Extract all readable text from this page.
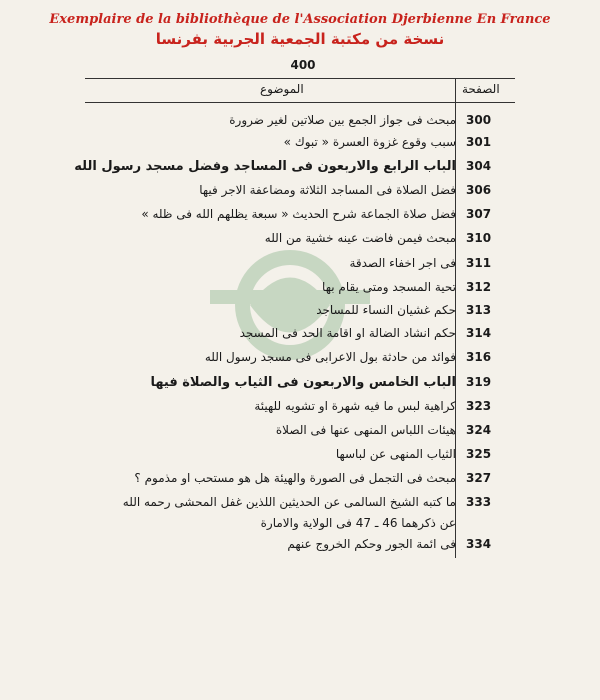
Exemplaire de la bibliothèque de l'Association Djerbienne En France
نسخة من مكتبة الجمعية الجربية بفرنسا
400
الموضوع	الصفحة
300
مبحث فى جواز الجمع بين صلاتين لغير ضرورة
301
سبب وقوع غزوة العسرة « تبوك »
304
الباب الرابع والاربعون فى المساجد وفضل مسجد رسول الله
306
فضل الصلاة فى المساجد الثلاثة ومضاعفة الاجر فيها
307
فضل صلاة الجماعة شرح الحديث « سبعة يظلهم الله فى ظله »
310
مبحث فيمن فاضت عينه خشية من الله
311
فى اجر اخفاء الصدقة
312
تحية المسجد ومتى يقام بها
313
حكم غشيان النساء للمساجد
314
حكم انشاد الضالة او اقامة الحد فى المسجد
316
فوائد من حادثة بول الاعرابى فى مسجد رسول الله
319
الباب الخامس والاربعون فى الثياب والصلاة فيها
323
كراهية لبس ما فيه شهرة او تشويه للهيئة
324
هيئات اللباس المنهى عنها فى الصلاة
325
الثياب المنهى عن لباسها
327
مبحث فى التجمل فى الصورة والهيئة هل هو مستحب او مذموم ؟
333
ما كتبه الشيخ السالمى عن الحديثين اللذين غفل المحشى رحمه الله
عن ذكرهما 46 ـ 47 فى الولاية والامارة
334
فى ائمة الجور وحكم الخروج عنهم
